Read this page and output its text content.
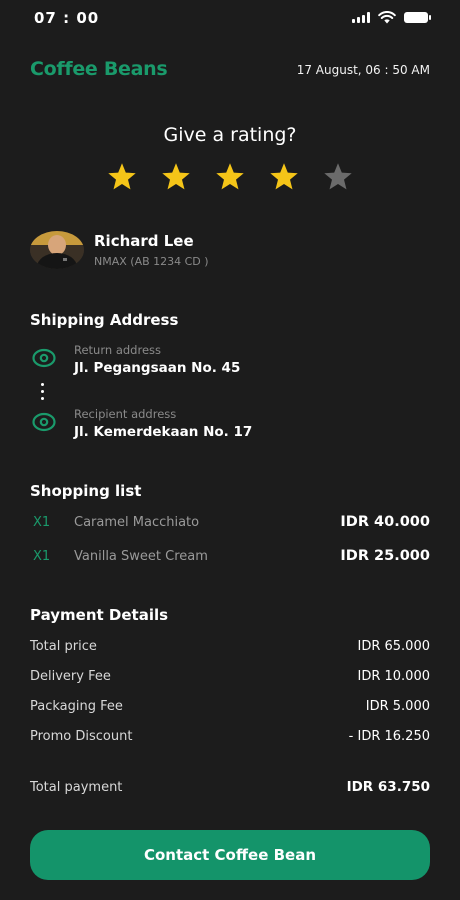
07 : 00
Coffee Beans	17 August, 06 : 50 AM
Give a rating?
Richard Lee
NMAX (AB 1234 CD )
Shipping Address
Return address
Jl. Pegangsaan No. 45
Recipient address
Jl. Kemerdekaan No. 17
Shopping list
X1 Caramel Macchiato	IDR 40.000
X1 Vanilla Sweet Cream	IDR 25.000
Payment Details
Total price	IDR 65.000
Delivery Fee	IDR 10.000
Packaging Fee	IDR 5.000
Promo Discount	- IDR 16.250
Total payment	IDR 63.750
Contact Coffee Bean
